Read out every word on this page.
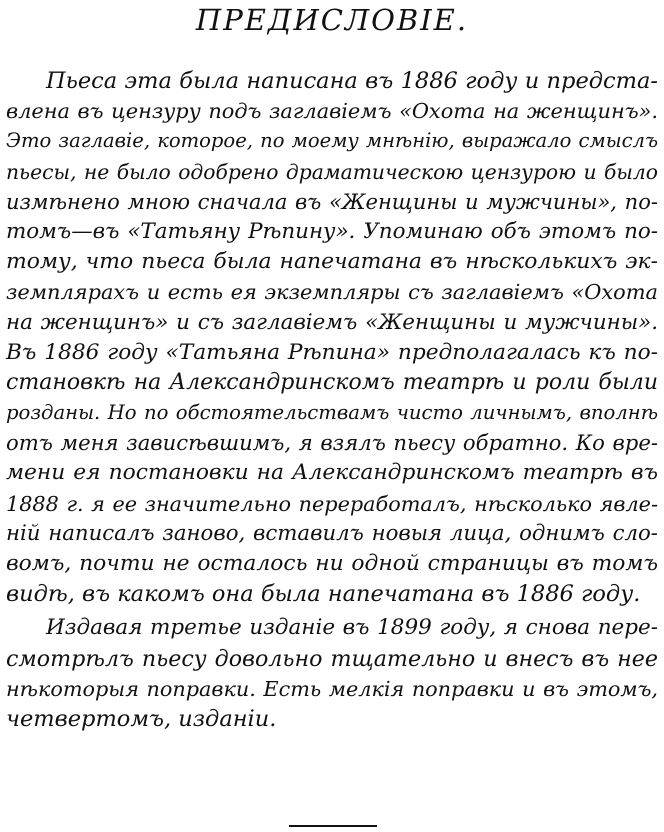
ПРЕДИСЛОВІЕ.
Пьеса эта была написана въ 1886 году и предста-
влена въ цензуру подъ заглавіемъ «Охота на женщинъ».
Это заглавіе, которое, по моему мнѣнію, выражало смыслъ
пьесы, не было одобрено драматическою цензурою и было
измѣнено мною сначала въ «Женщины и мужчины», по-
томъ—въ «Татьяну Рѣпину». Упоминаю объ этомъ по-
тому, что пьеса была напечатана въ нѣсколькихъ эк-
земплярахъ и есть ея экземпляры съ заглавіемъ «Охота
на женщинъ» и съ заглавіемъ «Женщины и мужчины».
Въ 1886 году «Татьяна Рѣпина» предполагалась къ по-
становкѣ на Александринскомъ театрѣ и роли были
розданы. Но по обстоятельствамъ чисто личнымъ, вполнѣ
отъ меня зависѣвшимъ, я взялъ пьесу обратно. Ко вре-
мени ея постановки на Александринскомъ театрѣ въ
1888 г. я ее значительно переработалъ, нѣсколько явле-
ній написалъ заново, вставилъ новыя лица, однимъ сло-
вомъ, почти не осталось ни одной страницы въ томъ
видѣ, въ какомъ она была напечатана въ 1886 году.
Издавая третье изданіе въ 1899 году, я снова пере-
смотрѣлъ пьесу довольно тщательно и внесъ въ нее
нѣкоторыя поправки. Есть мелкія поправки и въ этомъ,
четвертомъ, изданіи.
